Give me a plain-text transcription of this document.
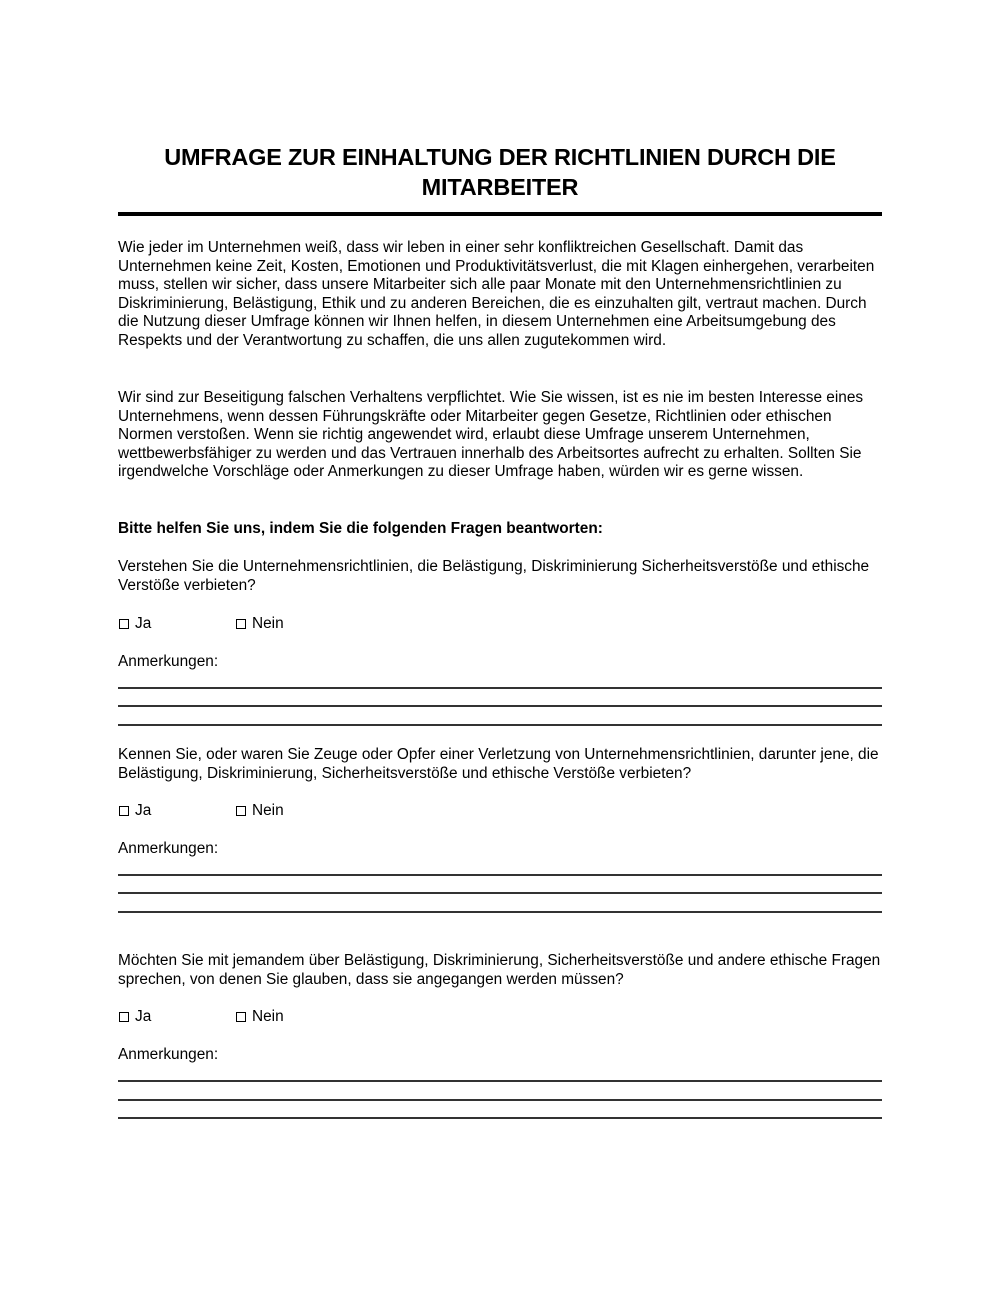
UMFRAGE ZUR EINHALTUNG DER RICHTLINIEN DURCH DIE MITARBEITER
Wie jeder im Unternehmen weiß, dass wir leben in einer sehr konfliktreichen Gesellschaft. Damit das Unternehmen keine Zeit, Kosten, Emotionen und Produktivitätsverlust, die mit Klagen einhergehen, verarbeiten muss, stellen wir sicher, dass unsere Mitarbeiter sich alle paar Monate mit den Unternehmensrichtlinien zu Diskriminierung, Belästigung, Ethik und zu anderen Bereichen, die es einzuhalten gilt, vertraut machen. Durch die Nutzung dieser Umfrage können wir Ihnen helfen, in diesem Unternehmen eine Arbeitsumgebung des Respekts und der Verantwortung zu schaffen, die uns allen zugutekommen wird.
Wir sind zur Beseitigung falschen Verhaltens verpflichtet. Wie Sie wissen, ist es nie im besten Interesse eines Unternehmens, wenn dessen Führungskräfte oder Mitarbeiter gegen Gesetze, Richtlinien oder ethischen Normen verstoßen. Wenn sie richtig angewendet wird, erlaubt diese Umfrage unserem Unternehmen, wettbewerbsfähiger zu werden und das Vertrauen innerhalb des Arbeitsortes aufrecht zu erhalten. Sollten Sie irgendwelche Vorschläge oder Anmerkungen zu dieser Umfrage haben, würden wir es gerne wissen.
Bitte helfen Sie uns, indem Sie die folgenden Fragen beantworten:
Verstehen Sie die Unternehmensrichtlinien, die Belästigung, Diskriminierung Sicherheitsverstöße und ethische Verstöße verbieten?
Ja	Nein
Anmerkungen:
Kennen Sie, oder waren Sie Zeuge oder Opfer einer Verletzung von Unternehmensrichtlinien, darunter jene, die Belästigung, Diskriminierung, Sicherheitsverstöße und ethische Verstöße verbieten?
Ja	Nein
Anmerkungen:
Möchten Sie mit jemandem über Belästigung, Diskriminierung, Sicherheitsverstöße und andere ethische Fragen sprechen, von denen Sie glauben, dass sie angegangen werden müssen?
Ja	Nein
Anmerkungen:
